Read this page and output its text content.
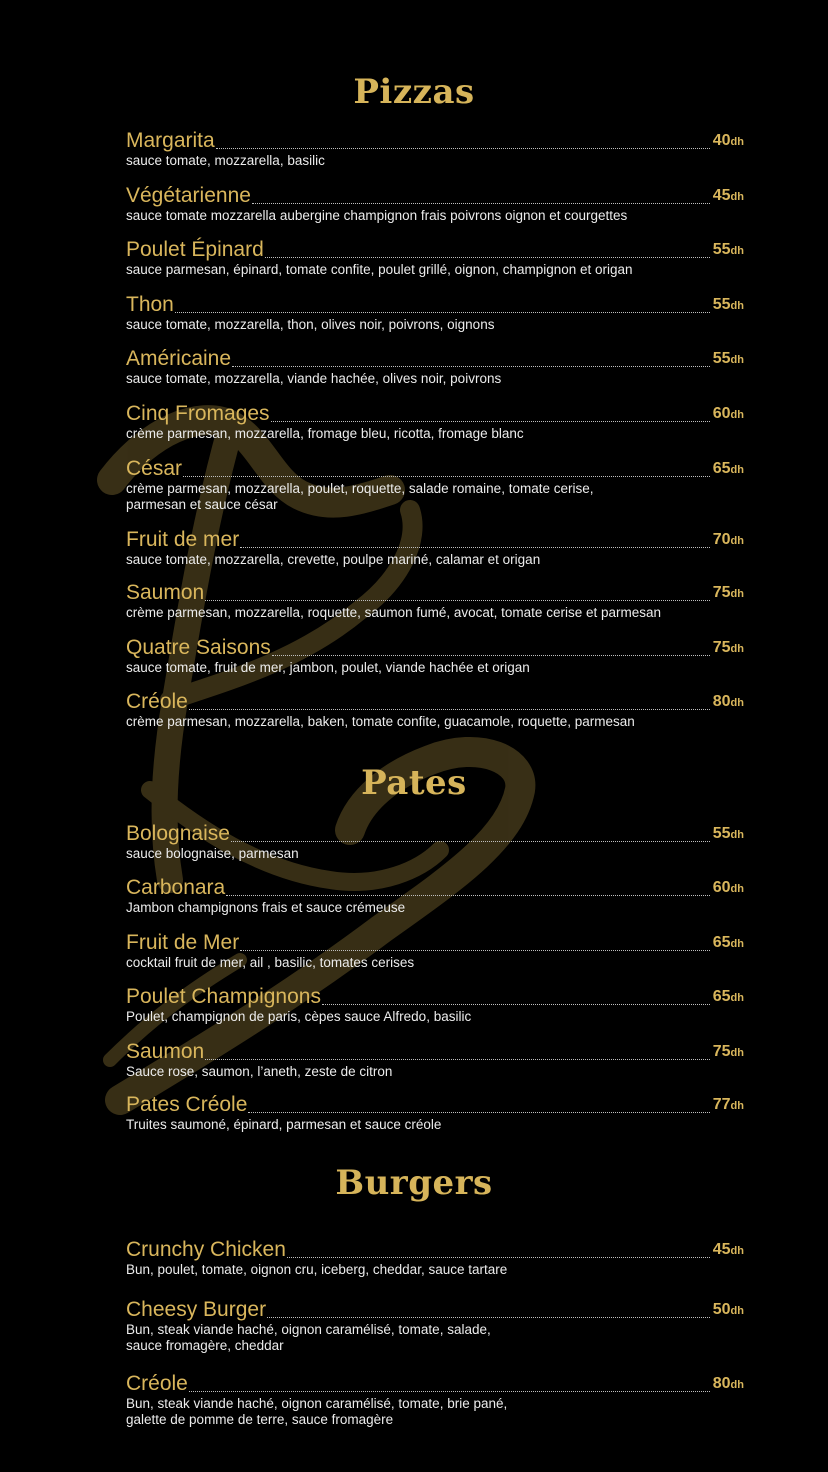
Pizzas
Pates
Burgers
Margarita	40dh
sauce tomate, mozzarella, basilic
Végétarienne	45dh
sauce tomate mozzarella aubergine champignon frais poivrons oignon et courgettes
Poulet Épinard	55dh
sauce parmesan, épinard, tomate confite, poulet grillé, oignon, champignon et origan
Thon	55dh
sauce tomate, mozzarella, thon, olives noir, poivrons, oignons
Américaine	55dh
sauce tomate, mozzarella, viande hachée, olives noir, poivrons
Cinq Fromages	60dh
crème parmesan, mozzarella, fromage bleu, ricotta, fromage blanc
César	65dh
crème parmesan, mozzarella, poulet, roquette, salade romaine, tomate cerise,
parmesan et sauce césar
Fruit de mer	70dh
sauce tomate, mozzarella, crevette, poulpe mariné, calamar et origan
Saumon	75dh
crème parmesan, mozzarella, roquette, saumon fumé, avocat, tomate cerise et parmesan
Quatre Saisons	75dh
sauce tomate, fruit de mer, jambon, poulet, viande hachée et origan
Créole	80dh
crème parmesan, mozzarella, baken, tomate confite, guacamole, roquette, parmesan
Bolognaise	55dh
sauce bolognaise, parmesan
Carbonara	60dh
Jambon champignons frais et sauce crémeuse
Fruit de Mer	65dh
cocktail fruit de mer, ail , basilic, tomates cerises
Poulet Champignons	65dh
Poulet, champignon de paris, cèpes sauce Alfredo, basilic
Saumon	75dh
Sauce rose, saumon, l’aneth, zeste de citron
Pates Créole	77dh
Truites saumoné, épinard, parmesan et sauce créole
Crunchy Chicken	45dh
Bun, poulet, tomate, oignon cru, iceberg, cheddar, sauce tartare
Cheesy Burger	50dh
Bun, steak viande haché, oignon caramélisé, tomate, salade,
sauce fromagère, cheddar
Créole	80dh
Bun, steak viande haché, oignon caramélisé, tomate, brie pané,
galette de pomme de terre, sauce fromagère
